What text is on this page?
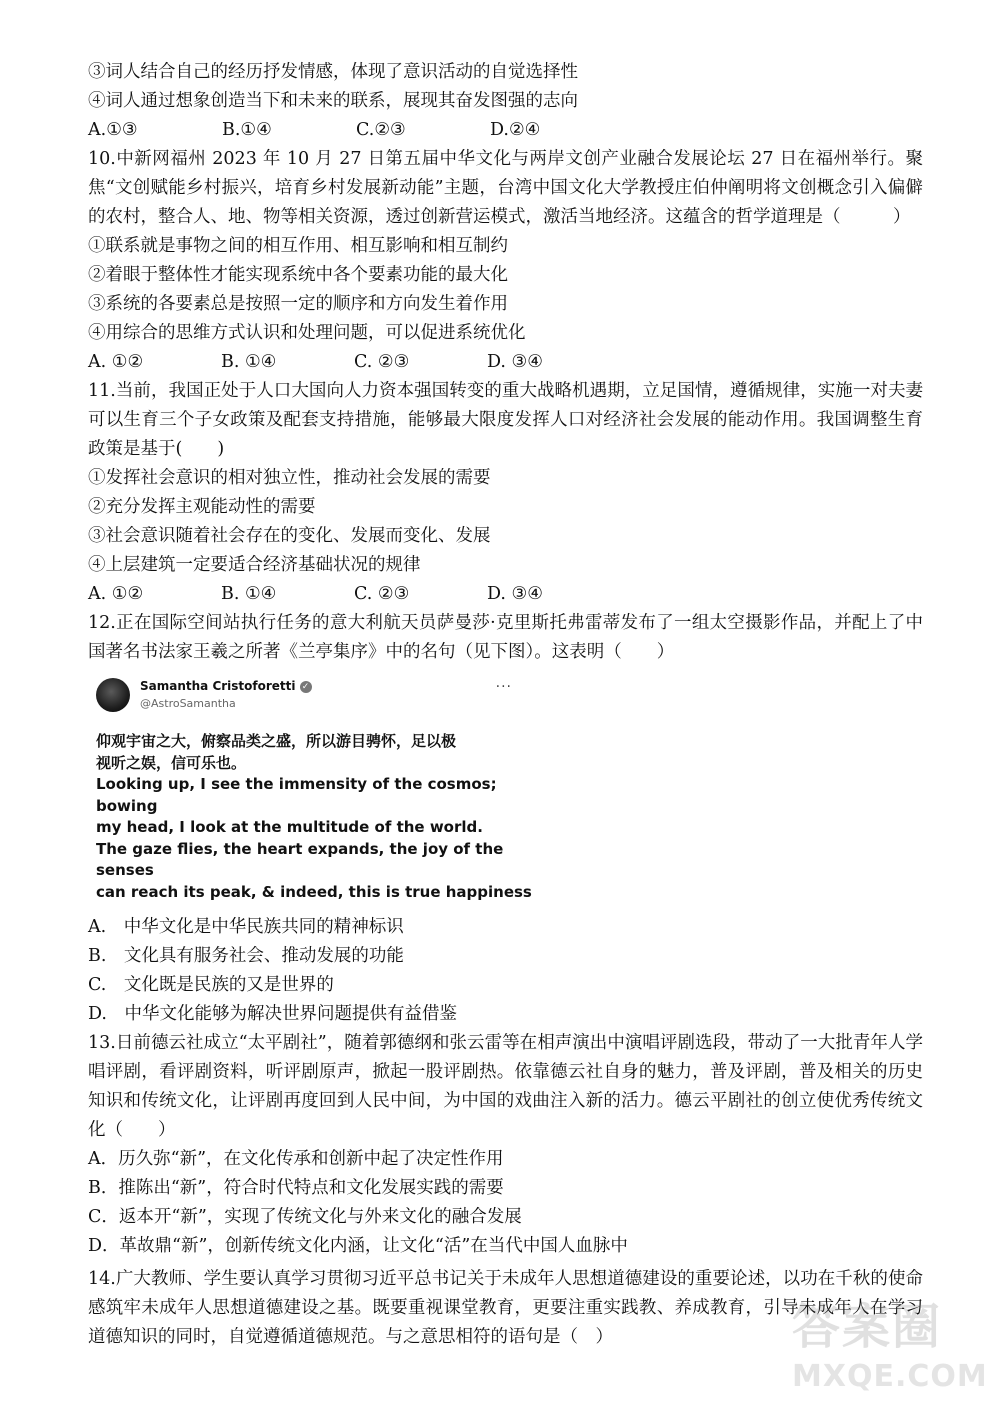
③词人结合自己的经历抒发情感，体现了意识活动的自觉选择性
④词人通过想象创造当下和未来的联系，展现其奋发图强的志向
A.①③	B.①④	C.②③	D.②④
10.中新网福州 2023 年 10 月 27 日第五届中华文化与两岸文创产业融合发展论坛 27 日在福州举行。聚焦“文创赋能乡村振兴，培育乡村发展新动能”主题，台湾中国文化大学教授庄伯仲阐明将文创概念引入偏僻的农村，整合人、地、物等相关资源，透过创新营运模式，激活当地经济。这蕴含的哲学道理是（　　　）
①联系就是事物之间的相互作用、相互影响和相互制约
②着眼于整体性才能实现系统中各个要素功能的最大化
③系统的各要素总是按照一定的顺序和方向发生着作用
④用综合的思维方式认识和处理问题，可以促进系统优化
A. ①②	B. ①④	C. ②③	D. ③④
11.当前，我国正处于人口大国向人力资本强国转变的重大战略机遇期，立足国情，遵循规律，实施一对夫妻可以生育三个子女政策及配套支持措施，能够最大限度发挥人口对经济社会发展的能动作用。我国调整生育政策是基于(　　)
①发挥社会意识的相对独立性，推动社会发展的需要
②充分发挥主观能动性的需要
③社会意识随着社会存在的变化、发展而变化、发展
④上层建筑一定要适合经济基础状况的规律
A. ①②	B. ①④	C. ②③	D. ③④
12.正在国际空间站执行任务的意大利航天员萨曼莎·克里斯托弗雷蒂发布了一组太空摄影作品，并配上了中国著名书法家王羲之所著《兰亭集序》中的名句（见下图）。这表明（　　）
Samantha Cristoforetti ✓
@AstroSamantha
···
仰观宇宙之大，俯察品类之盛，所以游目骋怀，足以极
视听之娱，信可乐也。
Looking up, I see the immensity of the cosmos; bowing
my head, I look at the multitude of the world.
The gaze flies, the heart expands, the joy of the senses
can reach its peak, & indeed, this is true happiness
A.　中华文化是中华民族共同的精神标识
B.　文化具有服务社会、推动发展的功能
C.　文化既是民族的又是世界的
D.　中华文化能够为解决世界问题提供有益借鉴
13.日前德云社成立“太平剧社”，随着郭德纲和张云雷等在相声演出中演唱评剧选段，带动了一大批青年人学唱评剧，看评剧资料，听评剧原声，掀起一股评剧热。依靠德云社自身的魅力，普及评剧，普及相关的历史知识和传统文化，让评剧再度回到人民中间，为中国的戏曲注入新的活力。德云平剧社的创立使优秀传统文化（　　）
A．历久弥“新”，在文化传承和创新中起了决定性作用
B．推陈出“新”，符合时代特点和文化发展实践的需要
C．返本开“新”，实现了传统文化与外来文化的融合发展
D．革故鼎“新”，创新传统文化内涵，让文化“活”在当代中国人血脉中
14.广大教师、学生要认真学习贯彻习近平总书记关于未成年人思想道德建设的重要论述，以功在千秋的使命感筑牢未成年人思想道德建设之基。既要重视课堂教育，更要注重实践教、养成教育，引导未成年人在学习道德知识的同时，自觉遵循道德规范。与之意思相符的语句是（　）	答案圈
MXQE.COM
